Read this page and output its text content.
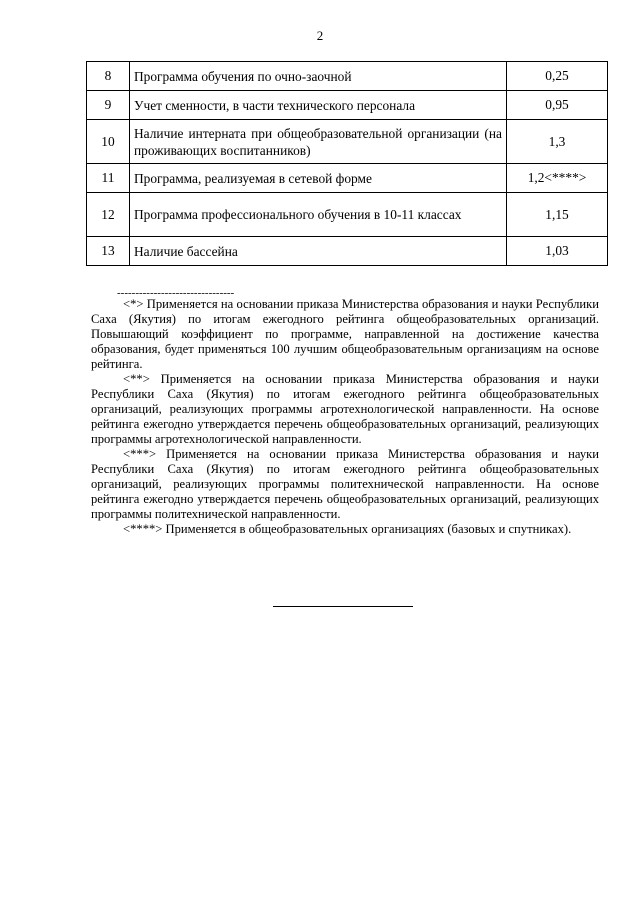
2
8	Программа обучения по очно-заочной	0,25
9	Учет сменности, в части технического персонала	0,95
10	Наличие интерната при общеобразовательной организации (на проживающих воспитанников)	1,3
11	Программа, реализуемая в сетевой форме	1,2<****>
12	Программа профессионального обучения в 10-11 классах	1,15
13	Наличие бассейна	1,03
--------------------------------

<*> Применяется на основании приказа Министерства образования и науки Республики Саха (Якутия) по итогам ежегодного рейтинга общеобразовательных организаций. Повышающий коэффициент по программе, направленной на достижение качества образования, будет применяться 100 лучшим общеобразовательным организациям на основе рейтинга.

<**> Применяется на основании приказа Министерства образования и науки Республики Саха (Якутия) по итогам ежегодного рейтинга общеобразовательных организаций, реализующих программы агротехнологической направленности. На основе рейтинга ежегодно утверждается перечень общеобразовательных организаций, реализующих программы агротехнологической направленности.

<***> Применяется на основании приказа Министерства образования и науки Республики Саха (Якутия) по итогам ежегодного рейтинга общеобразовательных организаций, реализующих программы политехнической направленности. На основе рейтинга ежегодно утверждается перечень общеобразовательных организаций, реализующих программы политехнической направленности.

<****> Применяется в общеобразовательных организациях (базовых и спутниках).
